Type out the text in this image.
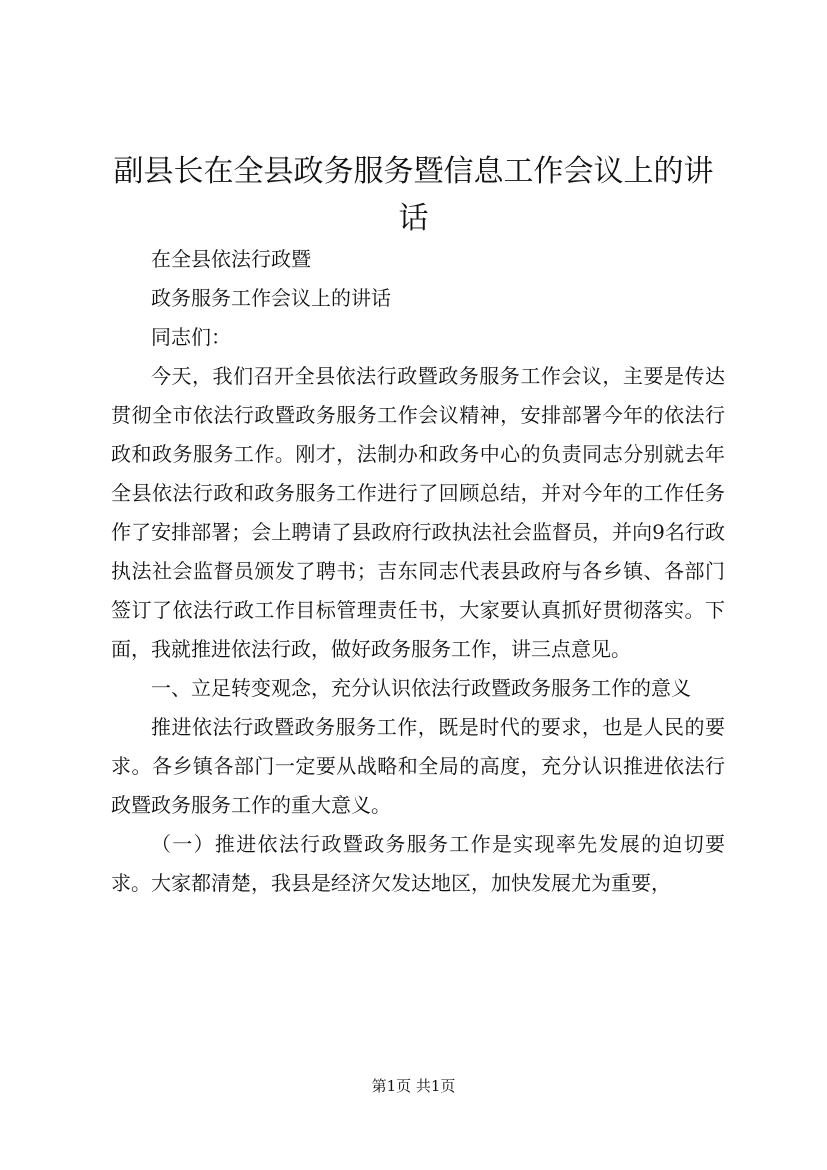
副县长在全县政务服务暨信息工作会议上的讲话

在全县依法行政暨

政务服务工作会议上的讲话

同志们：

今天，我们召开全县依法行政暨政务服务工作会议，主要是传达贯彻全市依法行政暨政务服务工作会议精神，安排部署今年的依法行政和政务服务工作。刚才，法制办和政务中心的负责同志分别就去年全县依法行政和政务服务工作进行了回顾总结，并对今年的工作任务作了安排部署；会上聘请了县政府行政执法社会监督员，并向9名行政执法社会监督员颁发了聘书；吉东同志代表县政府与各乡镇、各部门签订了依法行政工作目标管理责任书，大家要认真抓好贯彻落实。下面，我就推进依法行政，做好政务服务工作，讲三点意见。

一、立足转变观念，充分认识依法行政暨政务服务工作的意义

推进依法行政暨政务服务工作，既是时代的要求，也是人民的要求。各乡镇各部门一定要从战略和全局的高度，充分认识推进依法行政暨政务服务工作的重大意义。

（一）推进依法行政暨政务服务工作是实现率先发展的迫切要求。大家都清楚，我县是经济欠发达地区，加快发展尤为重要，

第1页 共1页
